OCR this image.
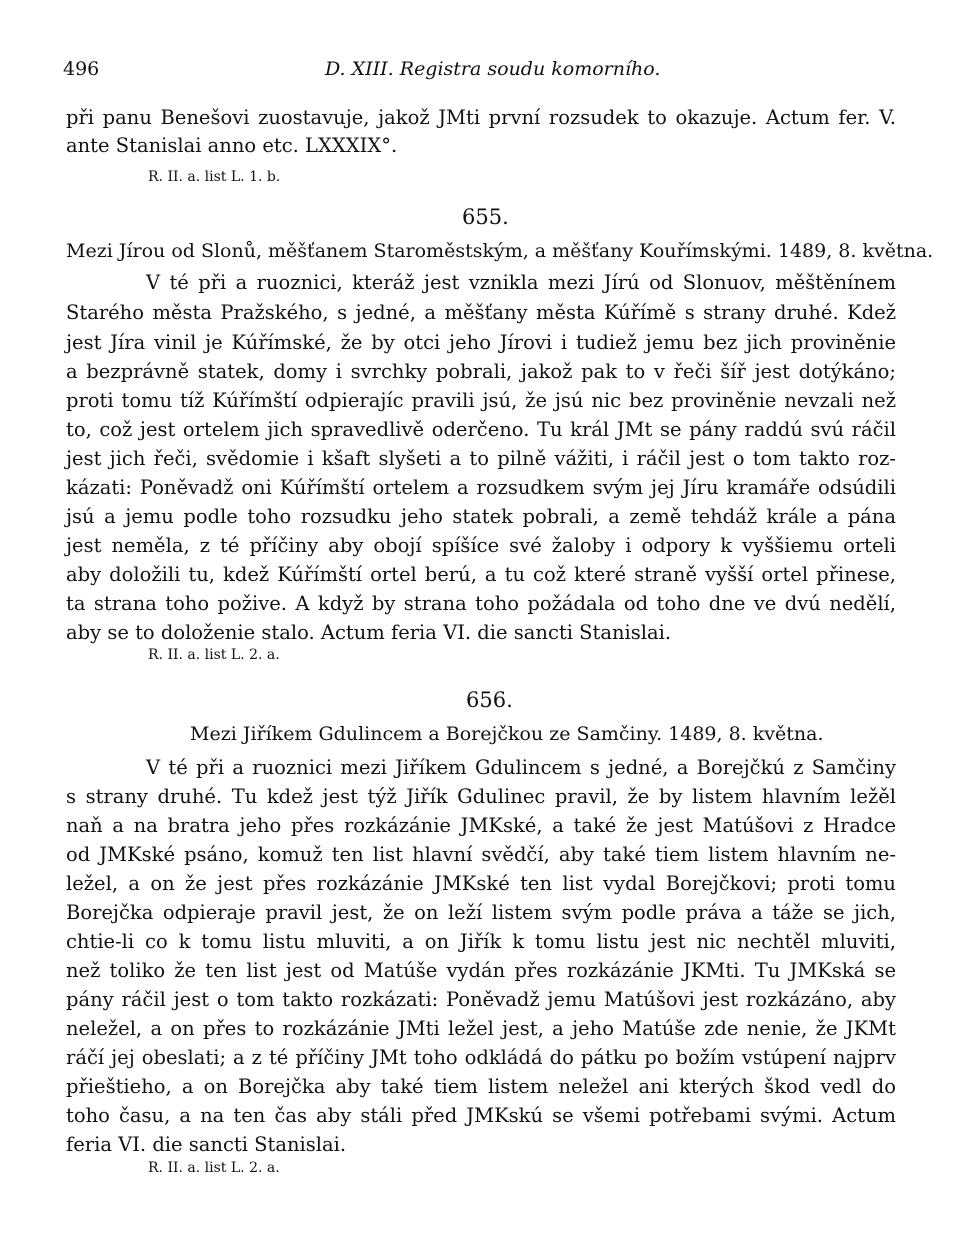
496	D. XIII. Registra soudu komorního.
při panu Benešovi zuostavuje, jakož JMti první rozsudek to okazuje. Actum fer. V.
ante Stanislai anno etc. LXXXIX°.
R. II. a. list L. 1. b.
655.
Mezi Jírou od Slonů, měšťanem Staroměstským, a měšťany Kouřímskými. 1489, 8. května.
V té při a ruoznici, kteráž jest vznikla mezi Jírú od Slonuov, měštěnínem
Starého města Pražského, s jedné, a měšťany města Kúřímě s strany druhé. Kdež
jest Jíra vinil je Kúřímské, že by otci jeho Jírovi i tudiež jemu bez jich proviněnie
a bezprávně statek, domy i svrchky pobrali, jakož pak to v řeči šíř jest dotýkáno;
proti tomu tíž Kúřímští odpierajíc pravili jsú, že jsú nic bez proviněnie nevzali než
to, což jest ortelem jich spravedlivě oderčeno. Tu král JMt se pány raddú svú ráčil
jest jich řeči, svědomie i kšaft slyšeti a to pilně vážiti, i ráčil jest o tom takto roz-
kázati: Poněvadž oni Kúřímští ortelem a rozsudkem svým jej Jíru kramáře odsúdili
jsú a jemu podle toho rozsudku jeho statek pobrali, a země tehdáž krále a pána
jest neměla, z té příčiny aby obojí spíšíce své žaloby i odpory k vyššiemu orteli
aby doložili tu, kdež Kúřímští ortel berú, a tu což které straně vyšší ortel přinese,
ta strana toho požive. A když by strana toho požádala od toho dne ve dvú nedělí,
aby se to doloženie stalo. Actum feria VI. die sancti Stanislai.
R. II. a. list L. 2. a.
656.
Mezi Jiříkem Gdulincem a Borejčkou ze Samčiny. 1489, 8. května.
V té při a ruoznici mezi Jiříkem Gdulincem s jedné, a Borejčkú z Samčiny
s strany druhé. Tu kdež jest týž Jiřík Gdulinec pravil, že by listem hlavním ležěl
naň a na bratra jeho přes rozkázánie JMKské, a také že jest Matúšovi z Hradce
od JMKské psáno, komuž ten list hlavní svědčí, aby také tiem listem hlavním ne-
ležel, a on že jest přes rozkázánie JMKské ten list vydal Borejčkovi; proti tomu
Borejčka odpieraje pravil jest, že on leží listem svým podle práva a táže se jich,
chtie-li co k tomu listu mluviti, a on Jiřík k tomu listu jest nic nechtěl mluviti,
než toliko že ten list jest od Matúše vydán přes rozkázánie JKMti. Tu JMKská se
pány ráčil jest o tom takto rozkázati: Poněvadž jemu Matúšovi jest rozkázáno, aby
neležel, a on přes to rozkázánie JMti ležel jest, a jeho Matúše zde nenie, že JKMt
ráčí jej obeslati; a z té příčiny JMt toho odkládá do pátku po božím vstúpení najprv
přieštieho, a on Borejčka aby také tiem listem neležel ani kterých škod vedl do
toho času, a na ten čas aby stáli před JMKskú se všemi potřebami svými. Actum
feria VI. die sancti Stanislai.
R. II. a. list L. 2. a.
